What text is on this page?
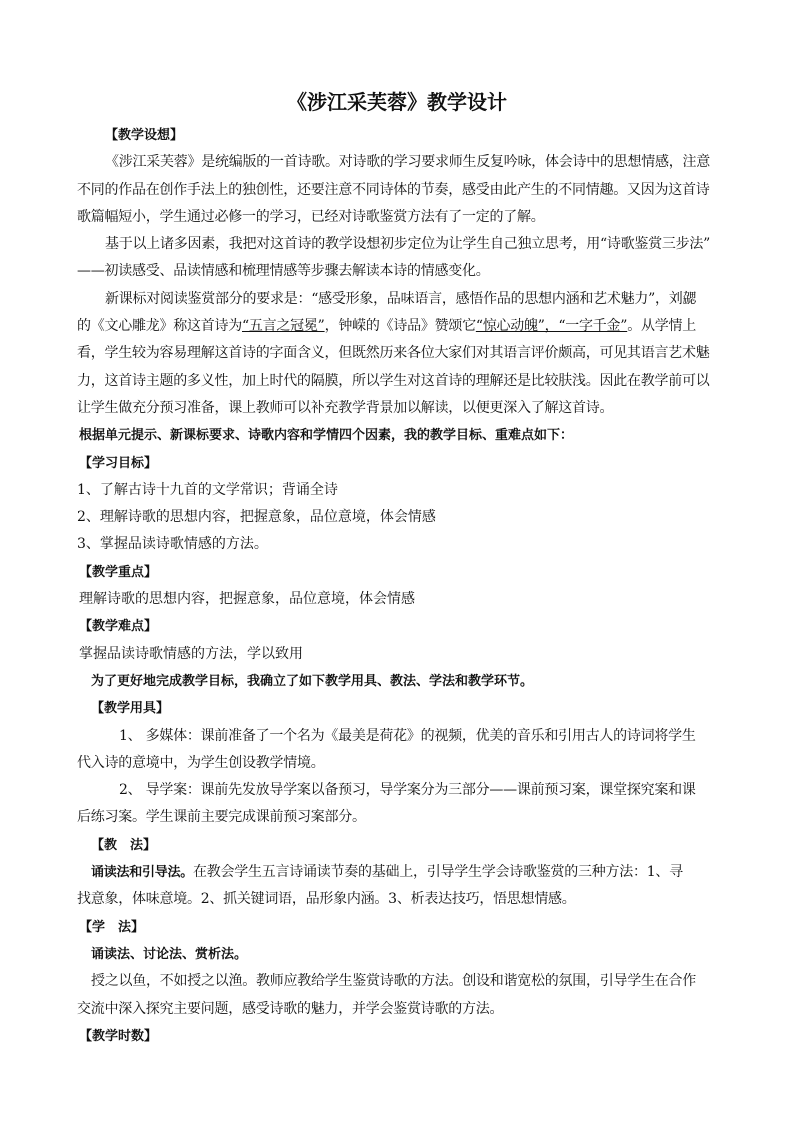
《涉江采芙蓉》教学设计
【教学设想】
《涉江采芙蓉》是统编版的一首诗歌。对诗歌的学习要求师生反复吟咏，体会诗中的思想情感，注意
不同的作品在创作手法上的独创性，还要注意不同诗体的节奏，感受由此产生的不同情趣。又因为这首诗
歌篇幅短小，学生通过必修一的学习，已经对诗歌鉴赏方法有了一定的了解。
基于以上诸多因素，我把对这首诗的教学设想初步定位为让学生自己独立思考，用“诗歌鉴赏三步法”
——初读感受、品读情感和梳理情感等步骤去解读本诗的情感变化。
新课标对阅读鉴赏部分的要求是：“感受形象，品味语言，感悟作品的思想内涵和艺术魅力”，刘勰
的《文心雕龙》称这首诗为“五言之冠冕”，钟嵘的《诗品》赞颂它“惊心动魄”，“一字千金”。从学情上
看，学生较为容易理解这首诗的字面含义，但既然历来各位大家们对其语言评价颇高，可见其语言艺术魅
力，这首诗主题的多义性，加上时代的隔膜，所以学生对这首诗的理解还是比较肤浅。因此在教学前可以
让学生做充分预习准备，课上教师可以补充教学背景加以解读，以便更深入了解这首诗。
根据单元提示、新课标要求、诗歌内容和学情四个因素，我的教学目标、重难点如下：
【学习目标】
1、了解古诗十九首的文学常识；背诵全诗
2、理解诗歌的思想内容，把握意象，品位意境，体会情感
3、掌握品读诗歌情感的方法。
【教学重点】
理解诗歌的思想内容，把握意象，品位意境，体会情感
【教学难点】
掌握品读诗歌情感的方法，学以致用
为了更好地完成教学目标，我确立了如下教学用具、教法、学法和教学环节。
【教学用具】
1、 多媒体：课前准备了一个名为《最美是荷花》的视频，优美的音乐和引用古人的诗词将学生
代入诗的意境中，为学生创设教学情境。
2、 导学案：课前先发放导学案以备预习，导学案分为三部分——课前预习案，课堂探究案和课
后练习案。学生课前主要完成课前预习案部分。
【教　法】
诵读法和引导法。在教会学生五言诗诵读节奏的基础上，引导学生学会诗歌鉴赏的三种方法：1、寻
找意象，体味意境。2、抓关键词语，品形象内涵。3、析表达技巧，悟思想情感。
【学　法】
诵读法、讨论法、赏析法。
授之以鱼，不如授之以渔。教师应教给学生鉴赏诗歌的方法。创设和谐宽松的氛围，引导学生在合作
交流中深入探究主要问题，感受诗歌的魅力，并学会鉴赏诗歌的方法。
【教学时数】
